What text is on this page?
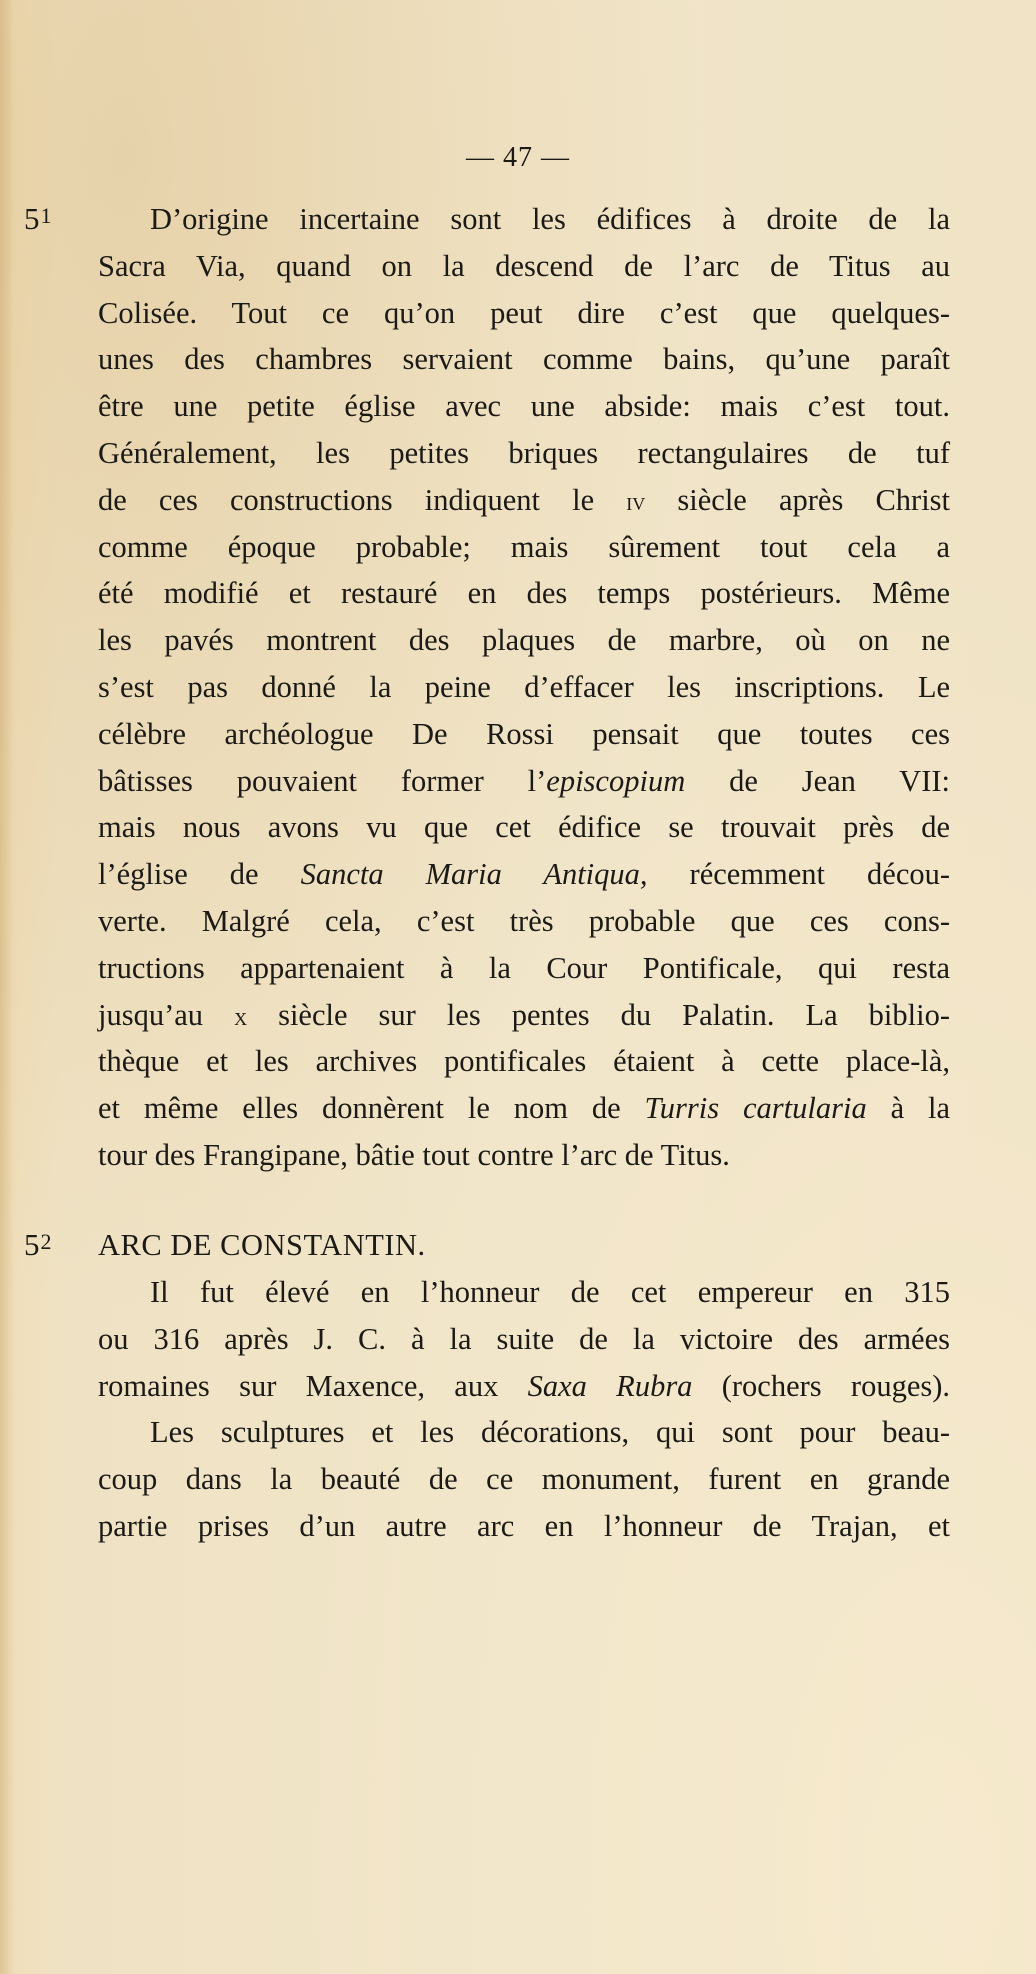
— 47 —
51	D’origine incertaine sont les édifices à droite de la
Sacra Via, quand on la descend de l’arc de Titus au
Colisée. Tout ce qu’on peut dire c’est que quelques-
unes des chambres servaient comme bains, qu’une paraît
être une petite église avec une abside: mais c’est tout.
Généralement, les petites briques rectangulaires de tuf
de ces constructions indiquent le iv siècle après Christ
comme époque probable; mais sûrement tout cela a
été modifié et restauré en des temps postérieurs. Même
les pavés montrent des plaques de marbre, où on ne
s’est pas donné la peine d’effacer les inscriptions. Le
célèbre archéologue De Rossi pensait que toutes ces
bâtisses pouvaient former l’episcopium de Jean VII:
mais nous avons vu que cet édifice se trouvait près de
l’église de Sancta Maria Antiqua, récemment décou-
verte. Malgré cela, c’est très probable que ces cons-
tructions appartenaient à la Cour Pontificale, qui resta
jusqu’au x siècle sur les pentes du Palatin. La biblio-
thèque et les archives pontificales étaient à cette place-là,
et même elles donnèrent le nom de Turris cartularia à la
tour des Frangipane, bâtie tout contre l’arc de Titus.
52 ARC DE CONSTANTIN.
Il fut élevé en l’honneur de cet empereur en 315
ou 316 après J. C. à la suite de la victoire des armées
romaines sur Maxence, aux Saxa Rubra (rochers rouges).
Les sculptures et les décorations, qui sont pour beau-
coup dans la beauté de ce monument, furent en grande
partie prises d’un autre arc en l’honneur de Trajan, et
